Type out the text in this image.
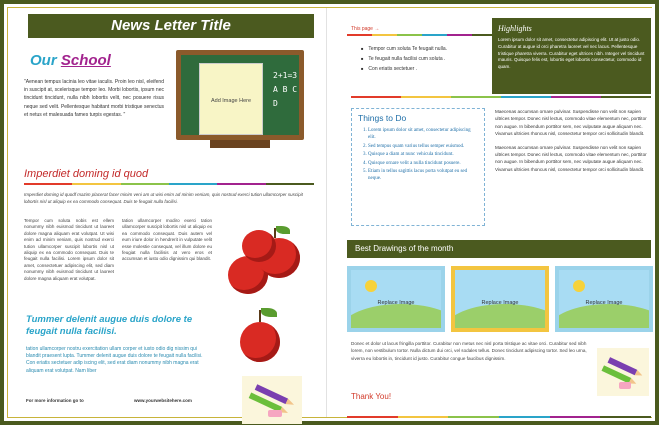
News Letter Title
Our School

"Aenean tempus lacinia leo vitae iaculis. Proin leo nisl, eleifend in suscipit at, scelerisque tempor leo. Morbi lobortis, ipsum nec tincidunt tincidunt, nulla nibh lobortis velit, nec posuere risus neque sed velit. Pellentesque habitant morbi tristique senectus et netus et malesuada fames turpis egestas. "

Add Image Here
2+1=3
A B C D
Imperdiet doming id quod

Imperdiet doming id quodf mazim placerat facer minim veni am ut wisi enim ad minim veniam, quis nostrud exerci tution ullamcorper suscipit lobortis nisl ut aliquip ex ea commodo consequat. Duis te feugait nulla facilisi.

Tempor cum soluta nobis est ellem nonummy nibh euismod tincidunt ut laoreet dolore magna aliquam erat volutpat. Ut wisi enim ad minim veniam, quis nostrud exerci tution ullamcorper suscipit lobortis nisl ut aliquip ex ea commodo consequat. Duis te feugait nulla facilisi. Lorem ipsum dolor sit amet, consectetuer adipiscing elit, sed diam nonummy nibh euismod tincidunt ut laoreet dolore magna aliquam erat volutpat.

tation ullamcorper modiro exerci tation ullamcorper suscipit lobortis nisl ut aliquip ex ea commodo consequat. Duis autem vel eum iriure dolor in hendrerit in vulputate velit esse molestie consequat, vel illum dolore eu feugiat nulla facilisis at vero eros et accumsan et iusto odio dignissim qui blandit.

Tummer delenit augue duis dolore te feugait nulla facilisi.

tation ullamcorper nostru exercitation ullam corper et iusto odio dig nissim qui blandit praesent lupta. Tummer delenit augue duis dolore te feugait nulla facilisi. Con eriatis sectetuer adip iscing elit, sed erat diam nonummy nibh magna erat aliquam erat volutpat. Nam liber

For more information go to	www.yourwebsitehere.com
This page →
■ Tempor cum soluta Te feugait nulla.
■ Te feugait nulla facilisi cum soluta .
■ Con eriatis sectetuer .
Highlights

Lorem ipsum dolor sit amet, consectetur adipiscing elit. Ut at justo odio. Curabitur at augue id orci pharetra laoreet vel nec lacus. Pellentesque tristique pharetra viverra. Curabitur eget ultrices nibh. Integer vel tincidunt mauris. Quisque felis est, lobortis eget lobortis consectetur, commodo id quam.

Things to Do
1. Lorem ipsum dolor sit amet, consectetur adipiscing elit.
2. Sed tempus quam varius tellus semper euismod.
3. Quisque a diam at nunc vehicula tincidunt.
4. Quisque ornare velit a nulla tincidunt posuere.
5. Etiam in tellus sagittis lacus porta volutpat eu sed neque.

Maecenas accumsan ornare pulvinar. Suspendisse non velit non sapien ultrices tempor. Donec nisl lectus, commodo vitae elementum nec, porttitor non augue. In bibendum porttitor sem, nec vulputate augue aliquam nec. Vivamus ultricies rhoncus nisl, consectetur tempor orci sollicitudin blandit.

Maecenas accumsan ornare pulvinar. Suspendisse non velit non sapien ultrices tempor. Donec nisl lectus, commodo vitae elementum nec, porttitor non augue. In bibendum porttitor sem, nec vulputate augue aliquam nec. Vivamus ultricies rhoncus nisl, consectetur tempor orci sollicitudin blandit.

Best Drawings of the month
Replace Image	Replace Image	Replace Image

Donec et dolor ut lacus fringilla porttitor. Curabitur non metus nec nisl porta tristique ac vitae orci. Curabitur sed nibh lorem, non vestibulum tortor. Nulla dictum dui orci, vel sodales tellus. Donec tincidunt adipiscing tortor. Sed leo urna, viverra eu lobortis in, tincidunt id justo. Curabitur congue faucibus dignissim.

Thank You!
